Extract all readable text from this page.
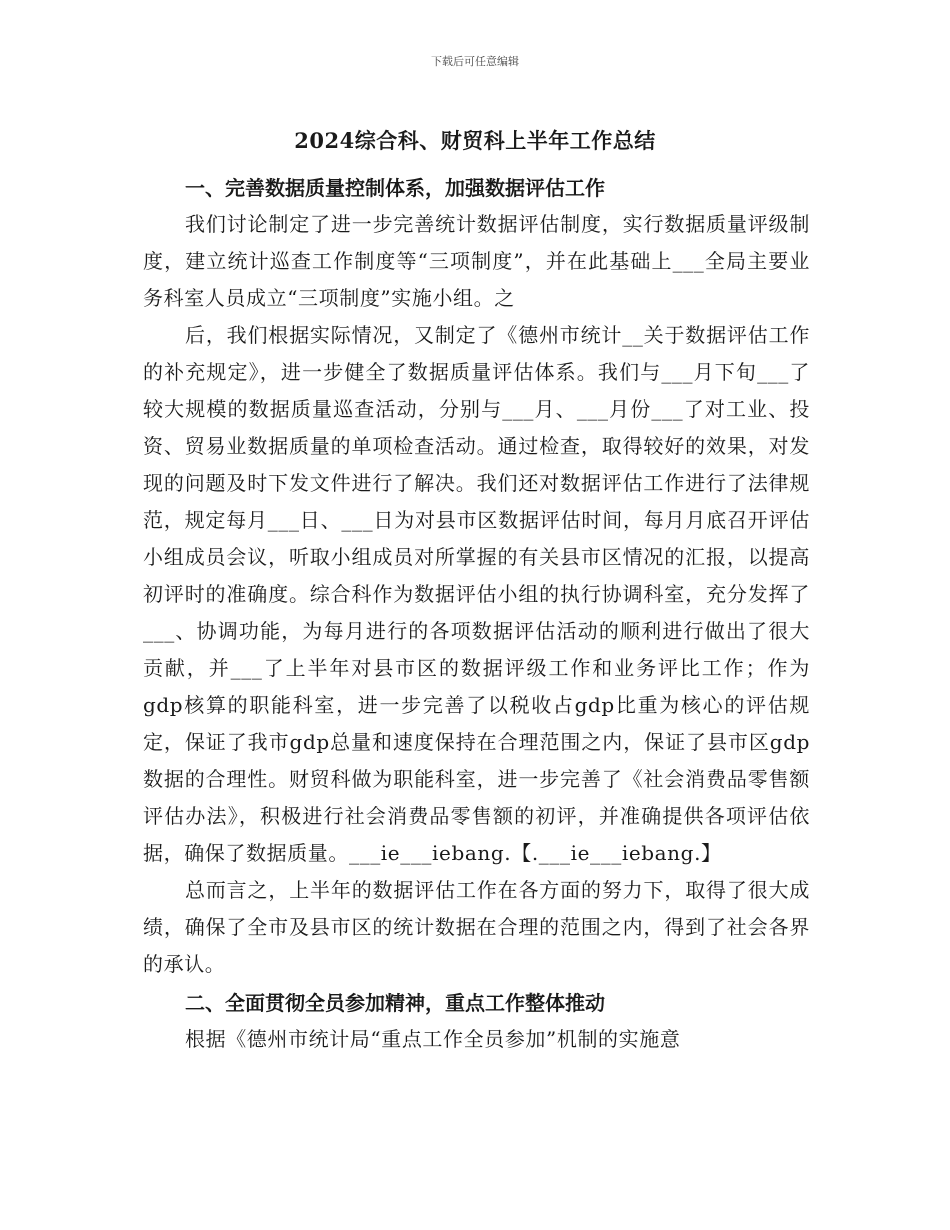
下载后可任意编辑
2024综合科、财贸科上半年工作总结

一、完善数据质量控制体系，加强数据评估工作

我们讨论制定了进一步完善统计数据评估制度，实行数据质量评级制度，建立统计巡查工作制度等“三项制度”，并在此基础上___全局主要业务科室人员成立“三项制度”实施小组。之

后，我们根据实际情况，又制定了《德州市统计__关于数据评估工作的补充规定》，进一步健全了数据质量评估体系。我们与___月下旬___了较大规模的数据质量巡查活动，分别与___月、___月份___了对工业、投资、贸易业数据质量的单项检查活动。通过检查，取得较好的效果，对发现的问题及时下发文件进行了解决。我们还对数据评估工作进行了法律规范，规定每月___日、___日为对县市区数据评估时间，每月月底召开评估小组成员会议，听取小组成员对所掌握的有关县市区情况的汇报，以提高初评时的准确度。综合科作为数据评估小组的执行协调科室，充分发挥了___、协调功能，为每月进行的各项数据评估活动的顺利进行做出了很大贡献，并___了上半年对县市区的数据评级工作和业务评比工作；作为gdp核算的职能科室，进一步完善了以税收占gdp比重为核心的评估规定，保证了我市gdp总量和速度保持在合理范围之内，保证了县市区gdp数据的合理性。财贸科做为职能科室，进一步完善了《社会消费品零售额评估办法》，积极进行社会消费品零售额的初评，并准确提供各项评估依据，确保了数据质量。___ie___iebang.【.___ie___iebang.】

总而言之，上半年的数据评估工作在各方面的努力下，取得了很大成绩，确保了全市及县市区的统计数据在合理的范围之内，得到了社会各界的承认。

二、全面贯彻全员参加精神，重点工作整体推动

根据《德州市统计局“重点工作全员参加”机制的实施意
